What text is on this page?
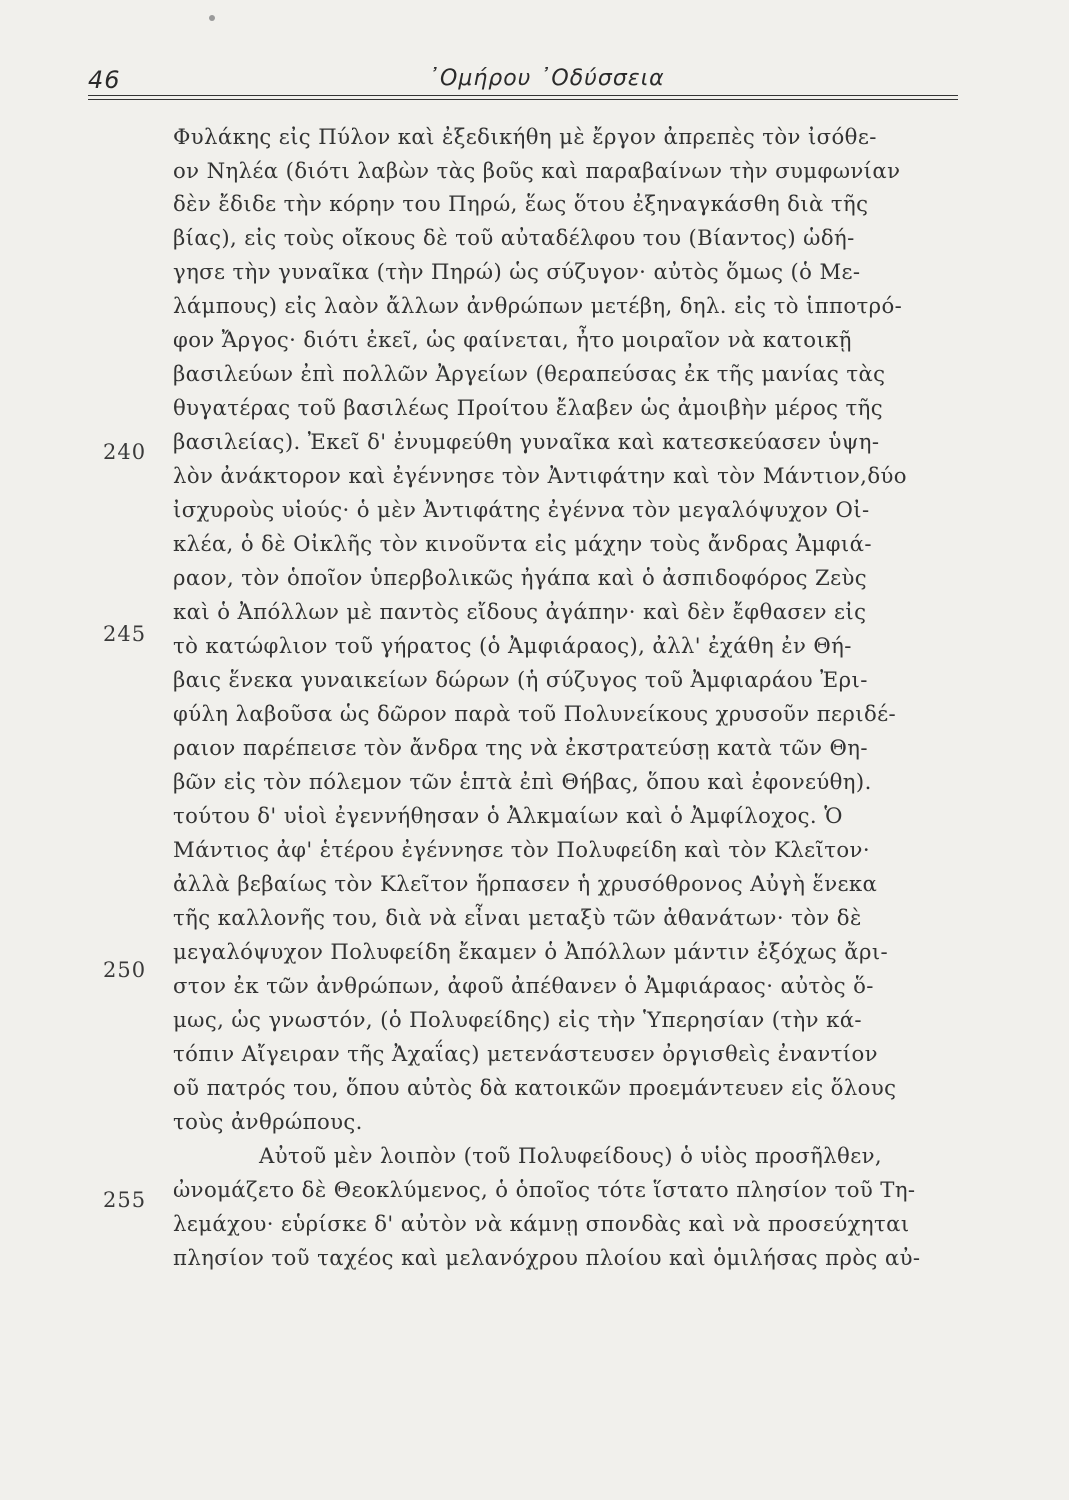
46	᾿Ομήρου ᾿Οδύσσεια
240
245
250
255
Φυλάκης εἰς Πύλον καὶ ἐξεδικήθη μὲ ἔργον ἀπρεπὲς τὸν ἰσόθε-
ον Νηλέα (διότι λαβὼν τὰς βοῦς καὶ παραβαίνων τὴν συμφωνίαν
δὲν ἔδιδε τὴν κόρην του Πηρώ, ἕως ὅτου ἐξηναγκάσθη διὰ τῆς
βίας), εἰς τοὺς οἴκους δὲ τοῦ αὐταδέλφου του (Βίαντος) ὡδή-
γησε τὴν γυναῖκα (τὴν Πηρώ) ὡς σύζυγον· αὐτὸς ὅμως (ὁ Με-
λάμπους) εἰς λαὸν ἄλλων ἀνθρώπων μετέβη, δηλ. εἰς τὸ ἱπποτρό-
φον Ἄργος· διότι ἐκεῖ, ὡς φαίνεται, ἦτο μοιραῖον νὰ κατοικῇ
βασιλεύων ἐπὶ πολλῶν Ἀργείων (θεραπεύσας ἐκ τῆς μανίας τὰς
θυγατέρας τοῦ βασιλέως Προίτου ἔλαβεν ὡς ἀμοιβὴν μέρος τῆς
βασιλείας). Ἐκεῖ δ' ἐνυμφεύθη γυναῖκα καὶ κατεσκεύασεν ὑψη-
λὸν ἀνάκτορον καὶ ἐγέννησε τὸν Ἀντιφάτην καὶ τὸν Μάντιον,δύο
ἰσχυροὺς υἱούς· ὁ μὲν Ἀντιφάτης ἐγέννα τὸν μεγαλόψυχον Οἰ-
κλέα, ὁ δὲ Οἰκλῆς τὸν κινοῦντα εἰς μάχην τοὺς ἄνδρας Ἀμφιά-
ραον, τὸν ὁποῖον ὑπερβολικῶς ἠγάπα καὶ ὁ ἀσπιδοφόρος Ζεὺς
καὶ ὁ Ἀπόλλων μὲ παντὸς εἴδους ἀγάπην· καὶ δὲν ἔφθασεν εἰς
τὸ κατώφλιον τοῦ γήρατος (ὁ Ἀμφιάραος), ἀλλ' ἐχάθη ἐν Θή-
βαις ἕνεκα γυναικείων δώρων (ἡ σύζυγος τοῦ Ἀμφιαράου Ἐρι-
φύλη λαβοῦσα ὡς δῶρον παρὰ τοῦ Πολυνείκους χρυσοῦν περιδέ-
ραιον παρέπεισε τὸν ἄνδρα της νὰ ἐκστρατεύσῃ κατὰ τῶν Θη-
βῶν εἰς τὸν πόλεμον τῶν ἑπτὰ ἐπὶ Θήβας, ὅπου καὶ ἐφονεύθη).
τούτου δ' υἱοὶ ἐγεννήθησαν ὁ Ἀλκμαίων καὶ ὁ Ἀμφίλοχος. Ὁ
Μάντιος ἀφ' ἑτέρου ἐγέννησε τὸν Πολυφείδη καὶ τὸν Κλεῖτον·
ἀλλὰ βεβαίως τὸν Κλεῖτον ἥρπασεν ἡ χρυσόθρονος Αὐγὴ ἕνεκα
τῆς καλλονῆς του, διὰ νὰ εἶναι μεταξὺ τῶν ἀθανάτων· τὸν δὲ
μεγαλόψυχον Πολυφείδη ἔκαμεν ὁ Ἀπόλλων μάντιν ἐξόχως ἄρι-
στον ἐκ τῶν ἀνθρώπων, ἀφοῦ ἀπέθανεν ὁ Ἀμφιάραος· αὐτὸς ὅ-
μως, ὡς γνωστόν, (ὁ Πολυφείδης) εἰς τὴν Ὑπερησίαν (τὴν κά-
τόπιν Αἴγειραν τῆς Ἀχαΐας) μετενάστευσεν ὀργισθεὶς ἐναντίον
οῦ πατρός του, ὅπου αὐτὸς δὰ κατοικῶν προεμάντευεν εἰς ὅλους
τοὺς ἀνθρώπους.
Αὐτοῦ μὲν λοιπὸν (τοῦ Πολυφείδους) ὁ υἱὸς προσῆλθεν,
ὠνομάζετο δὲ Θεοκλύμενος, ὁ ὁποῖος τότε ἵστατο πλησίον τοῦ Τη-
λεμάχου· εὑρίσκε δ' αὐτὸν νὰ κάμνῃ σπονδὰς καὶ νὰ προσεύχηται
πλησίον τοῦ ταχέος καὶ μελανόχρου πλοίου καὶ ὁμιλήσας πρὸς αὐ-
